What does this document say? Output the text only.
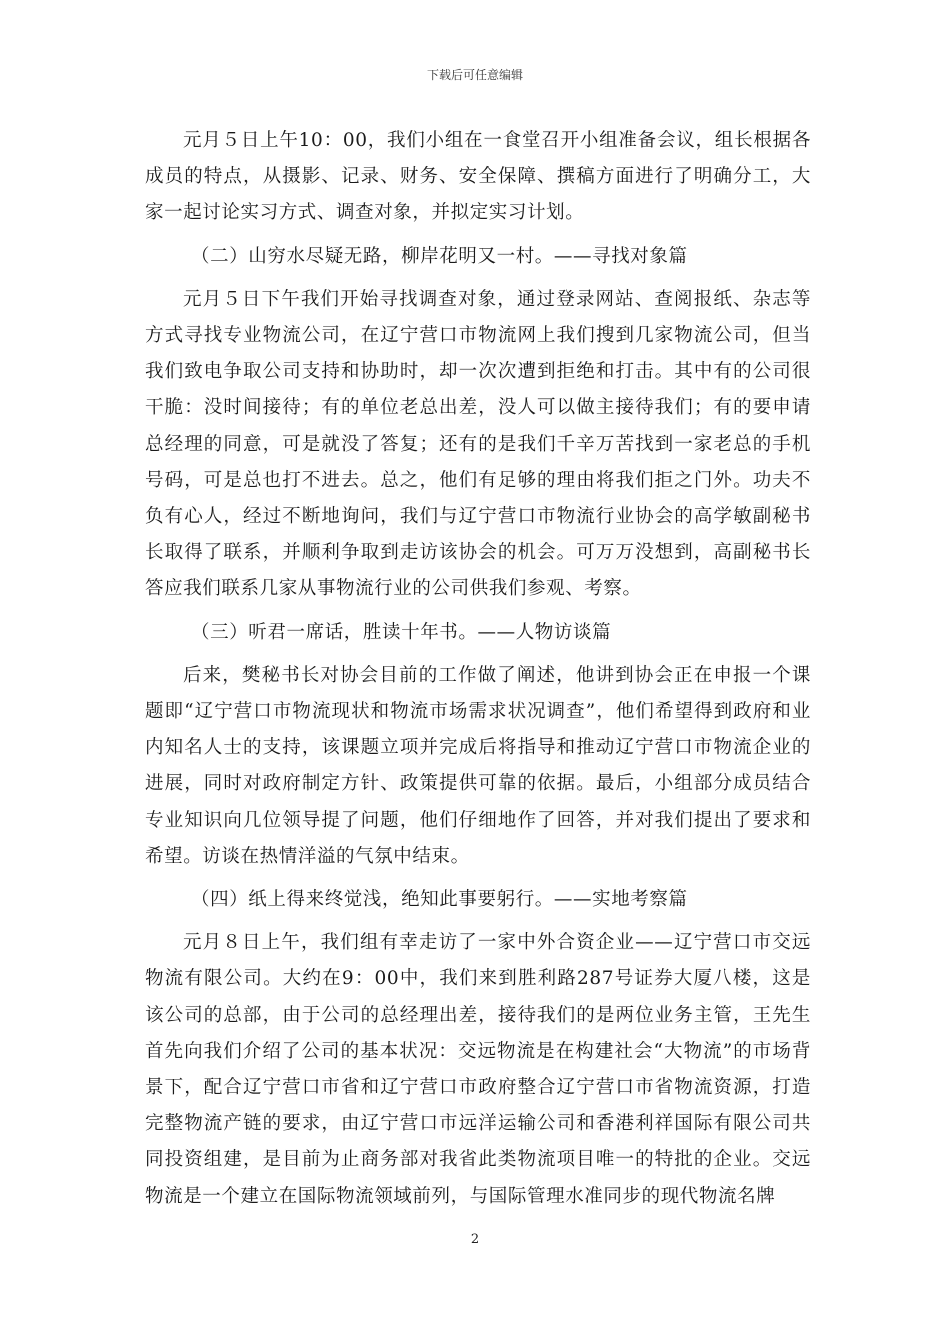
下载后可任意编辑

元月５日上午10：00，我们小组在一食堂召开小组准备会议，组长根据各成员的特点，从摄影、记录、财务、安全保障、撰稿方面进行了明确分工，大家一起讨论实习方式、调查对象，并拟定实习计划。

（二）山穷水尽疑无路，柳岸花明又一村。——寻找对象篇

元月５日下午我们开始寻找调查对象，通过登录网站、查阅报纸、杂志等方式寻找专业物流公司，在辽宁营口市物流网上我们搜到几家物流公司，但当我们致电争取公司支持和协助时，却一次次遭到拒绝和打击。其中有的公司很干脆：没时间接待；有的单位老总出差，没人可以做主接待我们；有的要申请总经理的同意，可是就没了答复；还有的是我们千辛万苦找到一家老总的手机号码，可是总也打不进去。总之，他们有足够的理由将我们拒之门外。功夫不负有心人，经过不断地询问，我们与辽宁营口市物流行业协会的高学敏副秘书长取得了联系，并顺利争取到走访该协会的机会。可万万没想到，高副秘书长答应我们联系几家从事物流行业的公司供我们参观、考察。

（三）听君一席话，胜读十年书。——人物访谈篇

后来，樊秘书长对协会目前的工作做了阐述，他讲到协会正在申报一个课题即“辽宁营口市物流现状和物流市场需求状况调查”，他们希望得到政府和业内知名人士的支持，该课题立项并完成后将指导和推动辽宁营口市物流企业的进展，同时对政府制定方针、政策提供可靠的依据。最后，小组部分成员结合专业知识向几位领导提了问题，他们仔细地作了回答，并对我们提出了要求和希望。访谈在热情洋溢的气氛中结束。

（四）纸上得来终觉浅，绝知此事要躬行。——实地考察篇

元月８日上午，我们组有幸走访了一家中外合资企业——辽宁营口市交远物流有限公司。大约在9：00中，我们来到胜利路287号证券大厦八楼，这是该公司的总部，由于公司的总经理出差，接待我们的是两位业务主管，王先生首先向我们介绍了公司的基本状况：交远物流是在构建社会“大物流”的市场背景下，配合辽宁营口市省和辽宁营口市政府整合辽宁营口市省物流资源，打造完整物流产链的要求，由辽宁营口市远洋运输公司和香港利祥国际有限公司共同投资组建，是目前为止商务部对我省此类物流项目唯一的特批的企业。交远物流是一个建立在国际物流领域前列，与国际管理水准同步的现代物流名牌

2
